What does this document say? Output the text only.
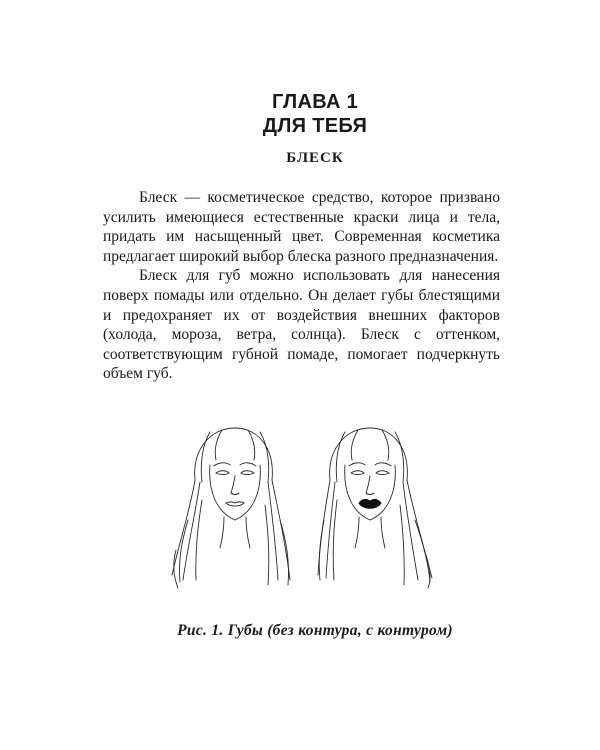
ГЛАВА 1
ДЛЯ ТЕБЯ
БЛЕСК

Блеск — косметическое средство, которое призвано усилить имеющиеся естественные краски лица и тела, придать им насыщенный цвет. Современная косметика предлагает широкий выбор блеска разного предназначения.

Блеск для губ можно использовать для нанесения поверх помады или отдельно. Он делает губы блестящими и предохраняет их от воздействия внешних факторов (холода, мороза, ветра, солнца). Блеск с оттенком, соответствующим губной помаде, помогает подчеркнуть объем губ.

Рис. 1. Губы (без контура, с контуром)
